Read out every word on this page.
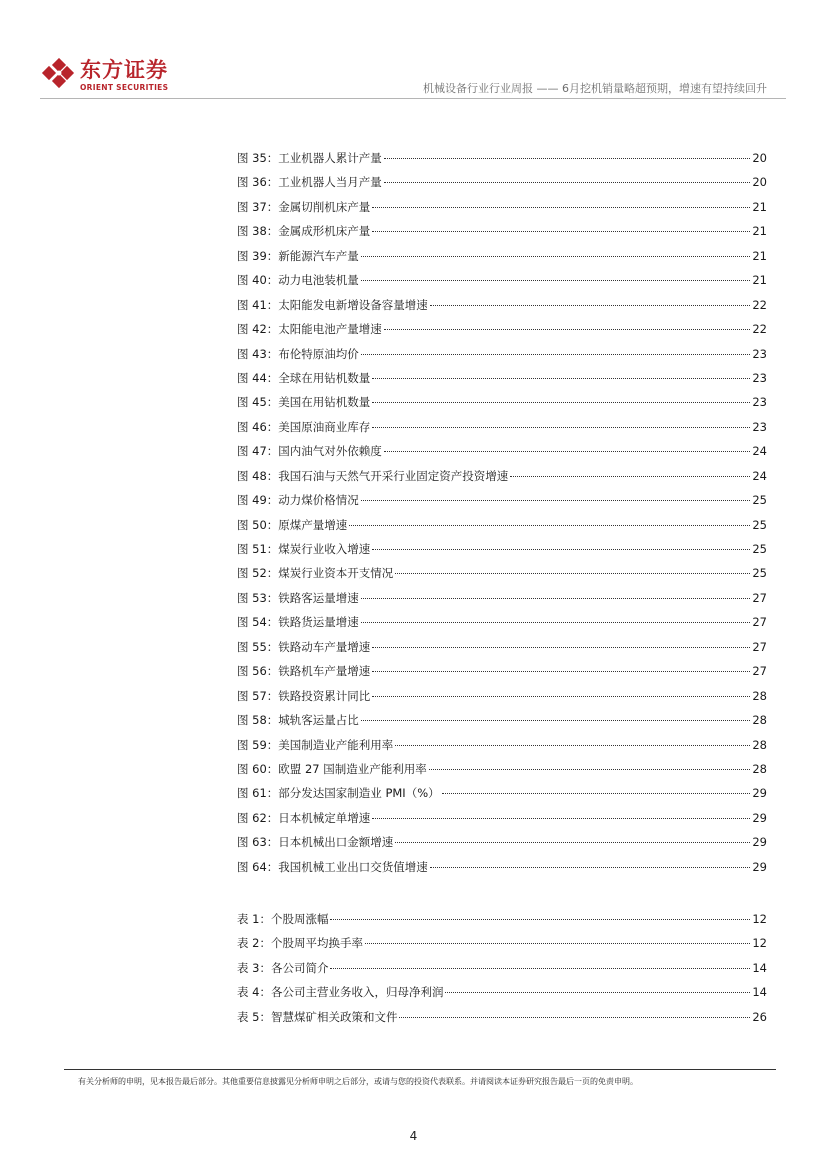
东方证券
ORIENT SECURITIES	机械设备行业行业周报 —— 6月挖机销量略超预期，增速有望持续回升
图 35：工业机器人累计产量	20
图 36：工业机器人当月产量	20
图 37：金属切削机床产量	21
图 38：金属成形机床产量	21
图 39：新能源汽车产量	21
图 40：动力电池装机量	21
图 41：太阳能发电新增设备容量增速	22
图 42：太阳能电池产量增速	22
图 43：布伦特原油均价	23
图 44：全球在用钻机数量	23
图 45：美国在用钻机数量	23
图 46：美国原油商业库存	23
图 47：国内油气对外依赖度	24
图 48：我国石油与天然气开采行业固定资产投资增速	24
图 49：动力煤价格情况	25
图 50：原煤产量增速	25
图 51：煤炭行业收入增速	25
图 52：煤炭行业资本开支情况	25
图 53：铁路客运量增速	27
图 54：铁路货运量增速	27
图 55：铁路动车产量增速	27
图 56：铁路机车产量增速	27
图 57：铁路投资累计同比	28
图 58：城轨客运量占比	28
图 59：美国制造业产能利用率	28
图 60：欧盟 27 国制造业产能利用率	28
图 61：部分发达国家制造业 PMI（%）	29
图 62：日本机械定单增速	29
图 63：日本机械出口金额增速	29
图 64：我国机械工业出口交货值增速	29
表 1：个股周涨幅	12
表 2：个股周平均换手率	12
表 3：各公司简介	14
表 4：各公司主营业务收入，归母净利润	14
表 5：智慧煤矿相关政策和文件	26
有关分析师的申明，见本报告最后部分。其他重要信息披露见分析师申明之后部分，或请与您的投资代表联系。并请阅读本证券研究报告最后一页的免责申明。
4
